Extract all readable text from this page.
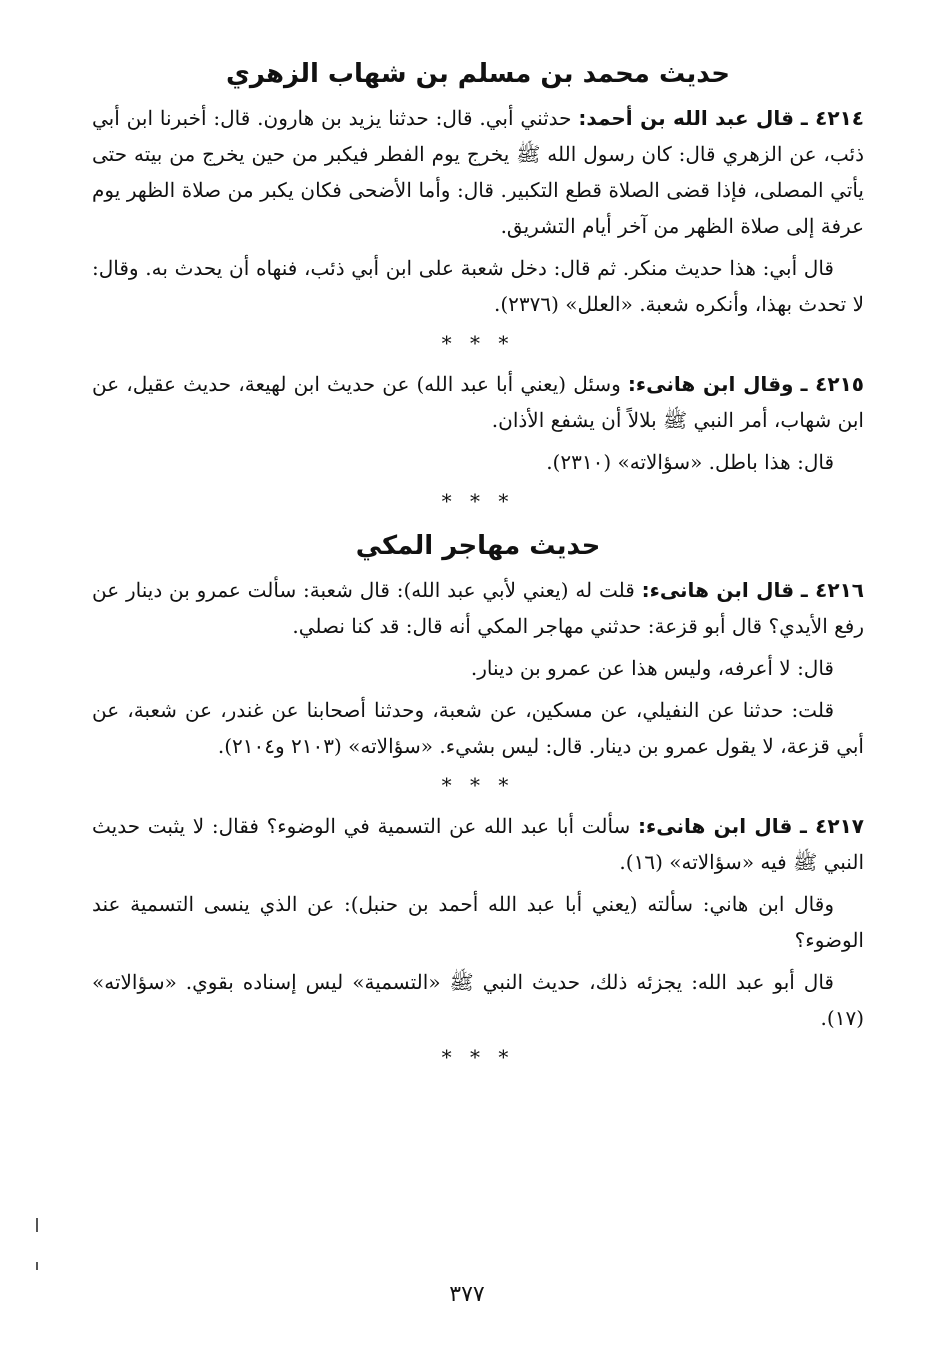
حديث محمد بن مسلم بن شهاب الزهري

٤٢١٤ ـ قال عبد الله بن أحمد: حدثني أبي. قال: حدثنا يزيد بن هارون. قال: أخبرنا ابن أبي ذئب، عن الزهري قال: كان رسول الله ﷺ يخرج يوم الفطر فيكبر من حين يخرج من بيته حتى يأتي المصلى، فإذا قضى الصلاة قطع التكبير. قال: وأما الأضحى فكان يكبر من صلاة الظهر يوم عرفة إلى صلاة الظهر من آخر أيام التشريق.

قال أبي: هذا حديث منكر. ثم قال: دخل شعبة على ابن أبي ذئب، فنهاه أن يحدث به. وقال: لا تحدث بهذا، وأنكره شعبة. «العلل» (٢٣٧٦).

* * *

٤٢١٥ ـ وقال ابن هانىء: وسئل (يعني أبا عبد الله) عن حديث ابن لهيعة، حديث عقيل، عن ابن شهاب، أمر النبي ﷺ بلالاً أن يشفع الأذان.

قال: هذا باطل. «سؤالاته» (٢٣١٠).

* * *
حديث مهاجر المكي

٤٢١٦ ـ قال ابن هانىء: قلت له (يعني لأبي عبد الله): قال شعبة: سألت عمرو بن دينار عن رفع الأيدي؟ قال أبو قزعة: حدثني مهاجر المكي أنه قال: قد كنا نصلي.

قال: لا أعرفه، وليس هذا عن عمرو بن دينار.

قلت: حدثنا عن النفيلي، عن مسكين، عن شعبة، وحدثنا أصحابنا عن غندر، عن شعبة، عن أبي قزعة، لا يقول عمرو بن دينار. قال: ليس بشيء. «سؤالاته» (٢١٠٣ و٢١٠٤).

* * *

٤٢١٧ ـ قال ابن هانىء: سألت أبا عبد الله عن التسمية في الوضوء؟ فقال: لا يثبت حديث النبي ﷺ فيه «سؤالاته» (١٦).

وقال ابن هاني: سألته (يعني أبا عبد الله أحمد بن حنبل): عن الذي ينسى التسمية عند الوضوء؟

قال أبو عبد الله: يجزئه ذلك، حديث النبي ﷺ «التسمية» ليس إسناده بقوي. «سؤالاته» (١٧).

* * *
٣٧٧
